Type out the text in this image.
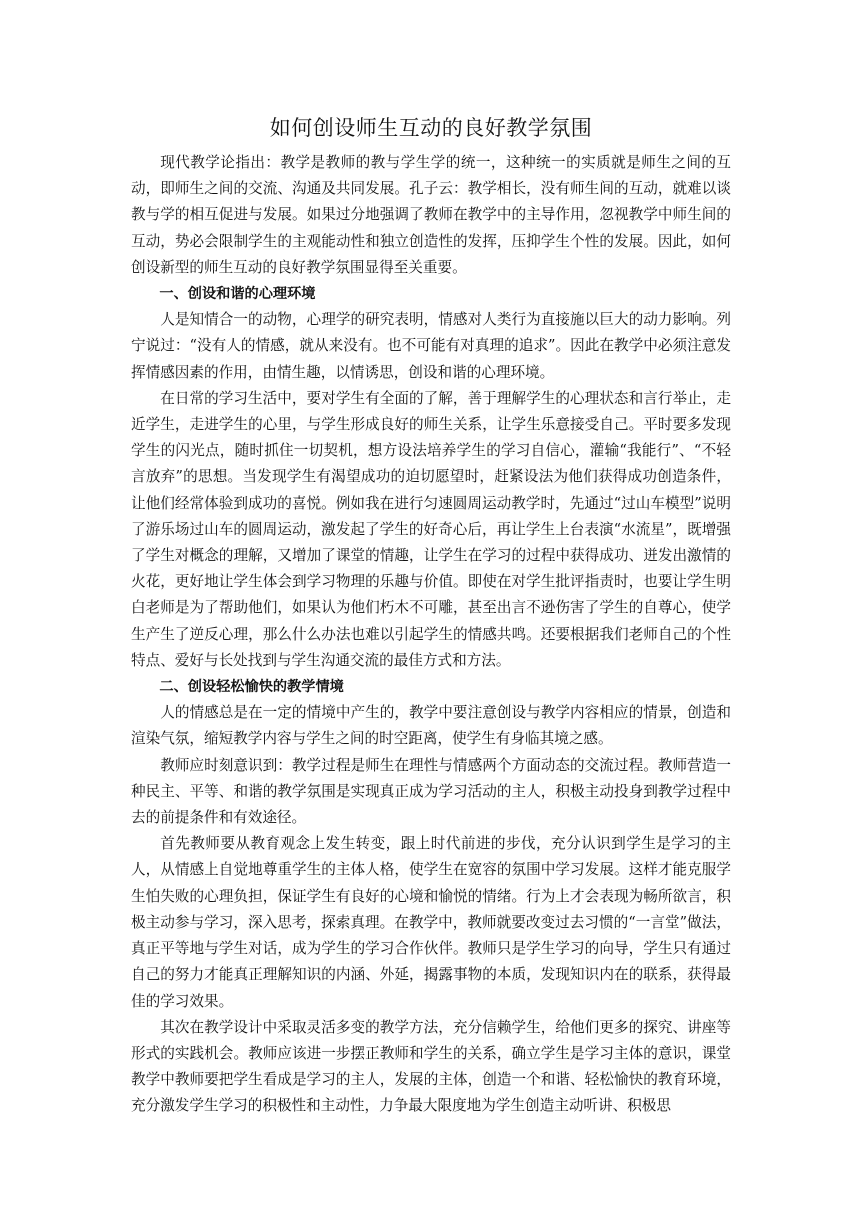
如何创设师生互动的良好教学氛围

现代教学论指出：教学是教师的教与学生学的统一，这种统一的实质就是师生之间的互动，即师生之间的交流、沟通及共同发展。孔子云：教学相长，没有师生间的互动，就难以谈教与学的相互促进与发展。如果过分地强调了教师在教学中的主导作用，忽视教学中师生间的互动，势必会限制学生的主观能动性和独立创造性的发挥，压抑学生个性的发展。因此，如何创设新型的师生互动的良好教学氛围显得至关重要。

一、创设和谐的心理环境

人是知情合一的动物，心理学的研究表明，情感对人类行为直接施以巨大的动力影响。列宁说过：“没有人的情感，就从来没有。也不可能有对真理的追求”。因此在教学中必须注意发挥情感因素的作用，由情生趣，以情诱思，创设和谐的心理环境。

在日常的学习生活中，要对学生有全面的了解，善于理解学生的心理状态和言行举止，走近学生，走进学生的心里，与学生形成良好的师生关系，让学生乐意接受自己。平时要多发现学生的闪光点，随时抓住一切契机，想方设法培养学生的学习自信心，灌输“我能行”、“不轻言放弃”的思想。当发现学生有渴望成功的迫切愿望时，赶紧设法为他们获得成功创造条件，让他们经常体验到成功的喜悦。例如我在进行匀速圆周运动教学时，先通过“过山车模型”说明了游乐场过山车的圆周运动，激发起了学生的好奇心后，再让学生上台表演“水流星”，既增强了学生对概念的理解，又增加了课堂的情趣，让学生在学习的过程中获得成功、迸发出激情的火花，更好地让学生体会到学习物理的乐趣与价值。即使在对学生批评指责时，也要让学生明白老师是为了帮助他们，如果认为他们朽木不可雕，甚至出言不逊伤害了学生的自尊心，使学生产生了逆反心理，那么什么办法也难以引起学生的情感共鸣。还要根据我们老师自己的个性特点、爱好与长处找到与学生沟通交流的最佳方式和方法。

二、创设轻松愉快的教学情境

人的情感总是在一定的情境中产生的，教学中要注意创设与教学内容相应的情景，创造和渲染气氛，缩短教学内容与学生之间的时空距离，使学生有身临其境之感。

教师应时刻意识到：教学过程是师生在理性与情感两个方面动态的交流过程。教师营造一种民主、平等、和谐的教学氛围是实现真正成为学习活动的主人，积极主动投身到教学过程中去的前提条件和有效途径。

首先教师要从教育观念上发生转变，跟上时代前进的步伐，充分认识到学生是学习的主人，从情感上自觉地尊重学生的主体人格，使学生在宽容的氛围中学习发展。这样才能克服学生怕失败的心理负担，保证学生有良好的心境和愉悦的情绪。行为上才会表现为畅所欲言，积极主动参与学习，深入思考，探索真理。在教学中，教师就要改变过去习惯的“一言堂”做法，真正平等地与学生对话，成为学生的学习合作伙伴。教师只是学生学习的向导，学生只有通过自己的努力才能真正理解知识的内涵、外延，揭露事物的本质，发现知识内在的联系，获得最佳的学习效果。

其次在教学设计中采取灵活多变的教学方法，充分信赖学生，给他们更多的探究、讲座等形式的实践机会。教师应该进一步摆正教师和学生的关系，确立学生是学习主体的意识，课堂教学中教师要把学生看成是学习的主人，发展的主体，创造一个和谐、轻松愉快的教育环境，充分激发学生学习的积极性和主动性，力争最大限度地为学生创造主动听讲、积极思
